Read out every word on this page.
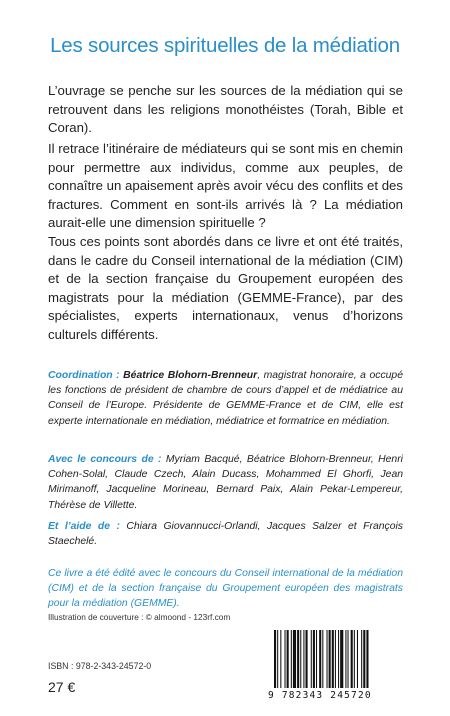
Les sources spirituelles de la médiation

L’ouvrage se penche sur les sources de la médiation qui se retrouvent dans les religions monothéistes (Torah, Bible et Coran).

Il retrace l’itinéraire de médiateurs qui se sont mis en chemin pour permettre aux individus, comme aux peuples, de connaître un apaisement après avoir vécu des conflits et des fractures. Comment en sont-ils arrivés là ? La médiation aurait-elle une dimension spirituelle ?

Tous ces points sont abordés dans ce livre et ont été traités, dans le cadre du Conseil international de la médiation (CIM) et de la section française du Groupement européen des magistrats pour la médiation (GEMME-France), par des spécialistes, experts internationaux, venus d’horizons culturels différents.

Coordination : Béatrice Blohorn-Brenneur, magistrat honoraire, a occupé les fonctions de président de chambre de cours d’appel et de médiatrice au Conseil de l’Europe. Présidente de GEMME-France et de CIM, elle est experte internationale en médiation, médiatrice et formatrice en médiation.

Avec le concours de : Myriam Bacqué, Béatrice Blohorn-Brenneur, Henri Cohen-Solal, Claude Czech, Alain Ducass, Mohammed El Ghorfi, Jean Mirimanoff, Jacqueline Morineau, Bernard Paix, Alain Pekar-Lempereur, Thérèse de Villette.

Et l’aide de : Chiara Giovannucci-Orlandi, Jacques Salzer et François Staechelé.

Ce livre a été édité avec le concours du Conseil international de la médiation (CIM) et de la section française du Groupement européen des magistrats pour la médiation (GEMME).

Illustration de couverture : © almoond - 123rf.com
ISBN : 978-2-343-24572-0
27 €
9 782343 245720
